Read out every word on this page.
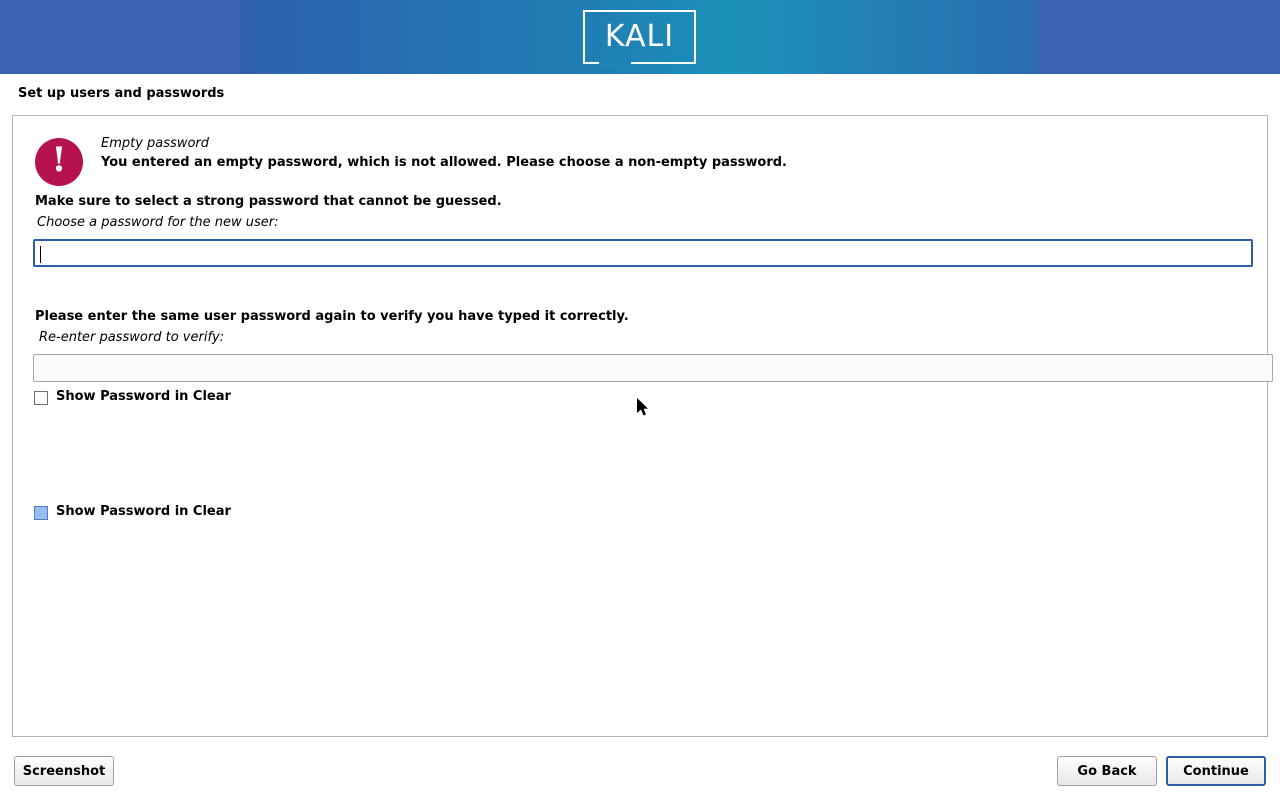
KALI
Set up users and passwords
!	Empty password
You entered an empty password, which is not allowed. Please choose a non-empty password.
Make sure to select a strong password that cannot be guessed.
Choose a password for the new user:
Show Password in Clear
Please enter the same user password again to verify you have typed it correctly.
Re-enter password to verify:
Show Password in Clear
Screenshot	Go Back	Continue
